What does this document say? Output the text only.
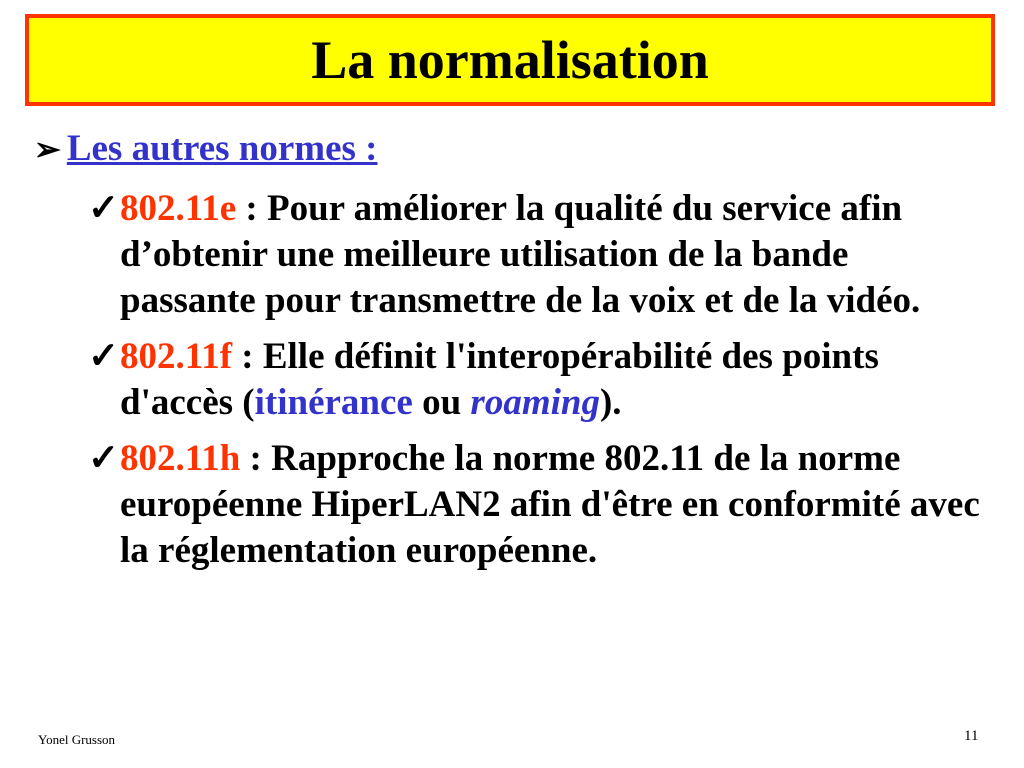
La normalisation
➢ Les autres normes :
✓ 802.11e : Pour améliorer la qualité du service afin d’obtenir une meilleure utilisation de la bande passante pour transmettre de la voix et de la vidéo.
✓ 802.11f : Elle définit l'interopérabilité des points d'accès (itinérance ou roaming).
✓ 802.11h : Rapproche la norme 802.11 de la norme européenne HiperLAN2 afin d'être en conformité avec la réglementation européenne.
Yonel Grusson	11
